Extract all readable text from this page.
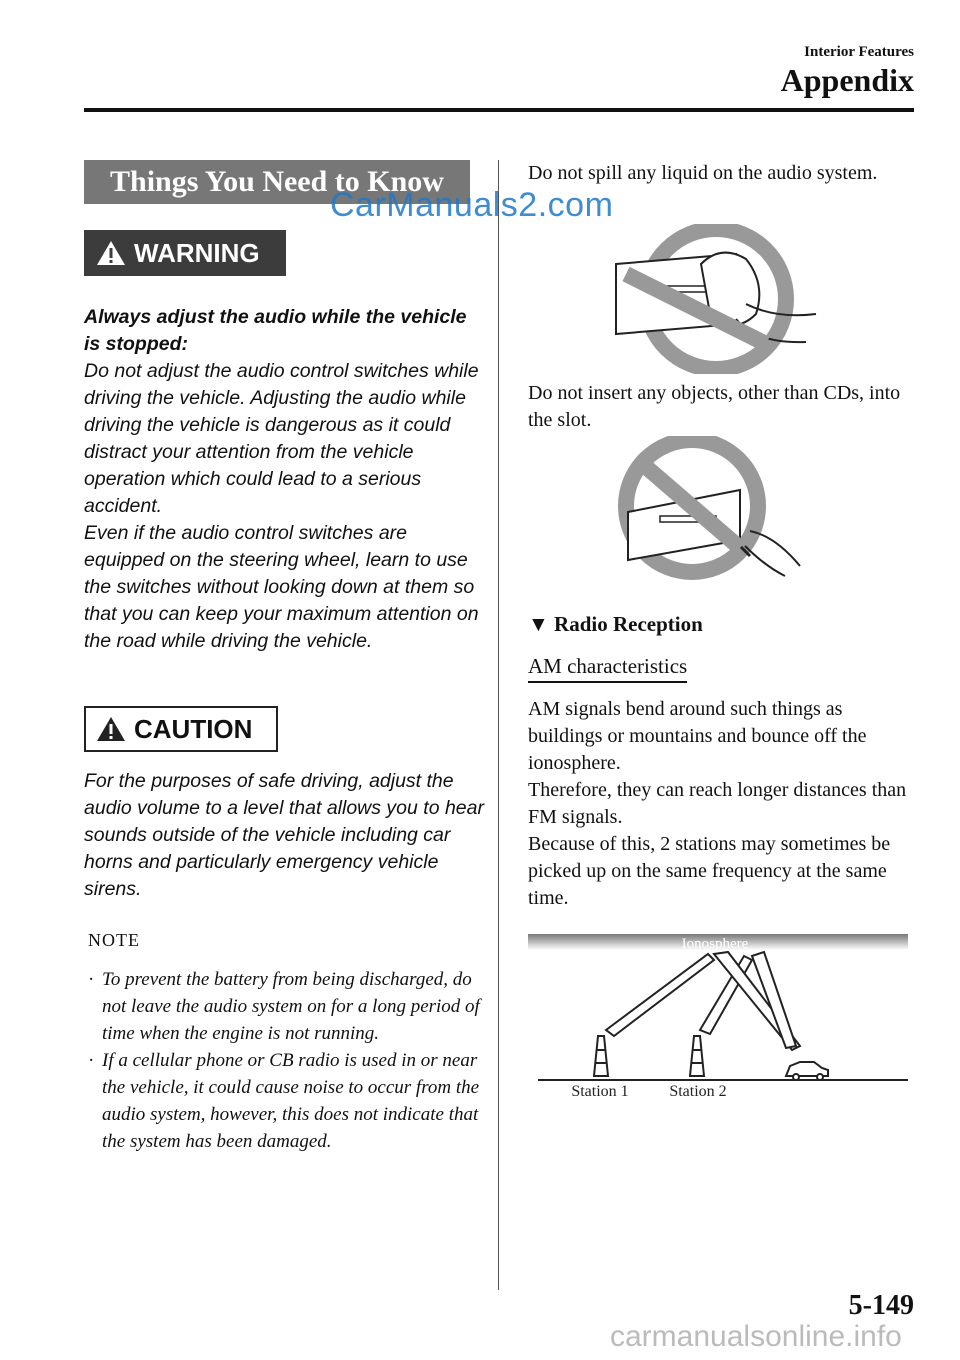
Interior Features
Appendix
Things You Need to Know
CarManuals2.com
WARNING
Always adjust the audio while the vehicle is stopped:
Do not adjust the audio control switches while driving the vehicle. Adjusting the audio while driving the vehicle is dangerous as it could distract your attention from the vehicle operation which could lead to a serious accident.
Even if the audio control switches are equipped on the steering wheel, learn to use the switches without looking down at them so that you can keep your maximum attention on the road while driving the vehicle.
CAUTION
For the purposes of safe driving, adjust the audio volume to a level that allows you to hear sounds outside of the vehicle including car horns and particularly emergency vehicle sirens.
NOTE
· To prevent the battery from being discharged, do not leave the audio system on for a long period of time when the engine is not running.
· If a cellular phone or CB radio is used in or near the vehicle, it could cause noise to occur from the audio system, however, this does not indicate that the system has been damaged.
Do not spill any liquid on the audio system.
Do not insert any objects, other than CDs, into the slot.
▼ Radio Reception
AM characteristics
AM signals bend around such things as buildings or mountains and bounce off the ionosphere.
Therefore, they can reach longer distances than FM signals.
Because of this, 2 stations may sometimes be picked up on the same frequency at the same time.
Ionosphere
Station 1	Station 2
5-149
carmanualsonline.info
